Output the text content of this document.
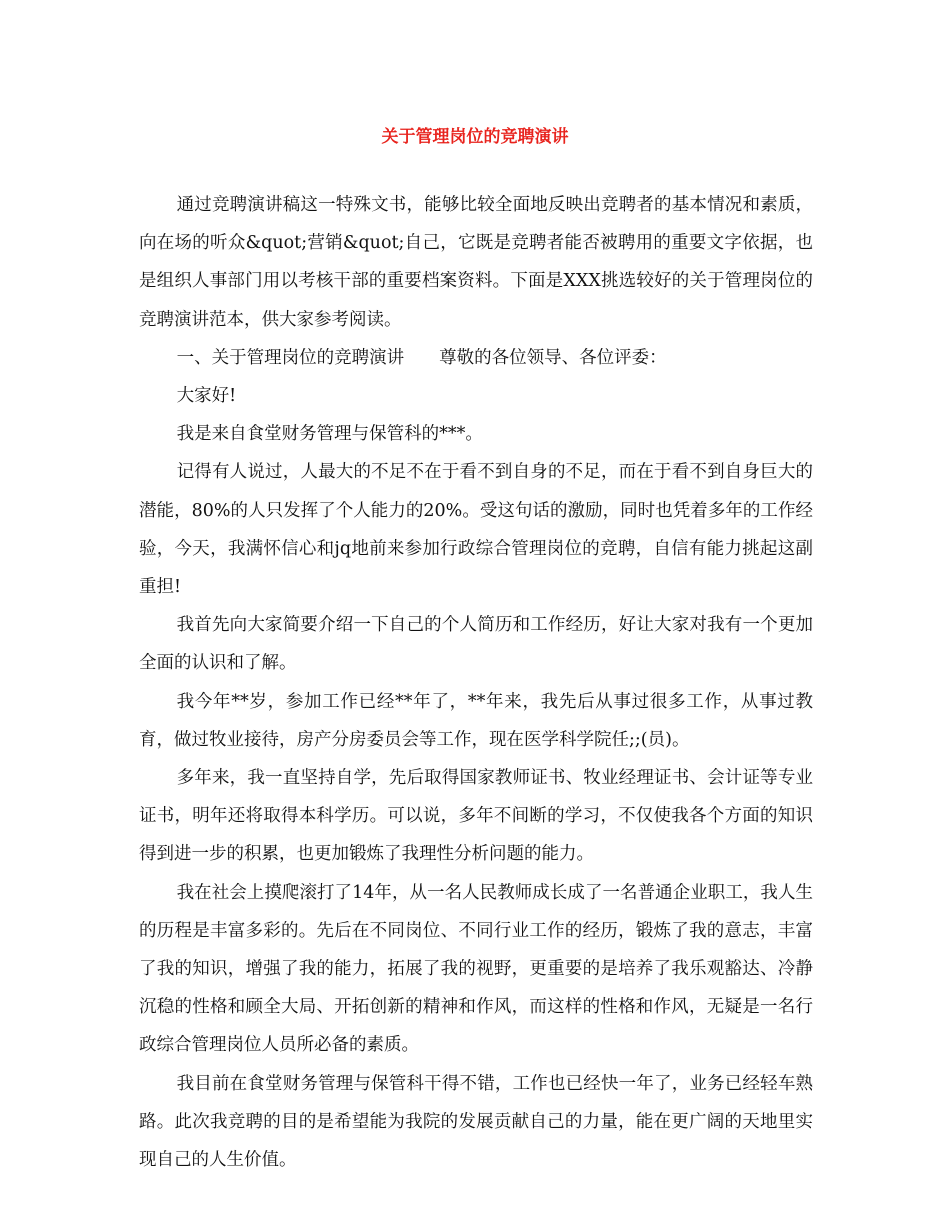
关于管理岗位的竞聘演讲

通过竞聘演讲稿这一特殊文书，能够比较全面地反映出竞聘者的基本情况和素质，向在场的听众&quot;营销&quot;自己，它既是竞聘者能否被聘用的重要文字依据，也是组织人事部门用以考核干部的重要档案资料。下面是XXX挑选较好的关于管理岗位的竞聘演讲范本，供大家参考阅读。

一、关于管理岗位的竞聘演讲　　尊敬的各位领导、各位评委：

大家好!

我是来自食堂财务管理与保管科的***。

记得有人说过，人最大的不足不在于看不到自身的不足，而在于看不到自身巨大的潜能，80%的人只发挥了个人能力的20%。受这句话的激励，同时也凭着多年的工作经验，今天，我满怀信心和jq地前来参加行政综合管理岗位的竞聘，自信有能力挑起这副重担!

我首先向大家简要介绍一下自己的个人简历和工作经历，好让大家对我有一个更加全面的认识和了解。

我今年**岁，参加工作已经**年了，**年来，我先后从事过很多工作，从事过教育，做过牧业接待，房产分房委员会等工作，现在医学科学院任;;(员)。

多年来，我一直坚持自学，先后取得国家教师证书、牧业经理证书、会计证等专业证书，明年还将取得本科学历。可以说，多年不间断的学习，不仅使我各个方面的知识得到进一步的积累，也更加锻炼了我理性分析问题的能力。

我在社会上摸爬滚打了14年，从一名人民教师成长成了一名普通企业职工，我人生的历程是丰富多彩的。先后在不同岗位、不同行业工作的经历，锻炼了我的意志，丰富了我的知识，增强了我的能力，拓展了我的视野，更重要的是培养了我乐观豁达、冷静沉稳的性格和顾全大局、开拓创新的精神和作风，而这样的性格和作风，无疑是一名行政综合管理岗位人员所必备的素质。

我目前在食堂财务管理与保管科干得不错，工作也已经快一年了，业务已经轻车熟路。此次我竞聘的目的是希望能为我院的发展贡献自己的力量，能在更广阔的天地里实现自己的人生价值。
